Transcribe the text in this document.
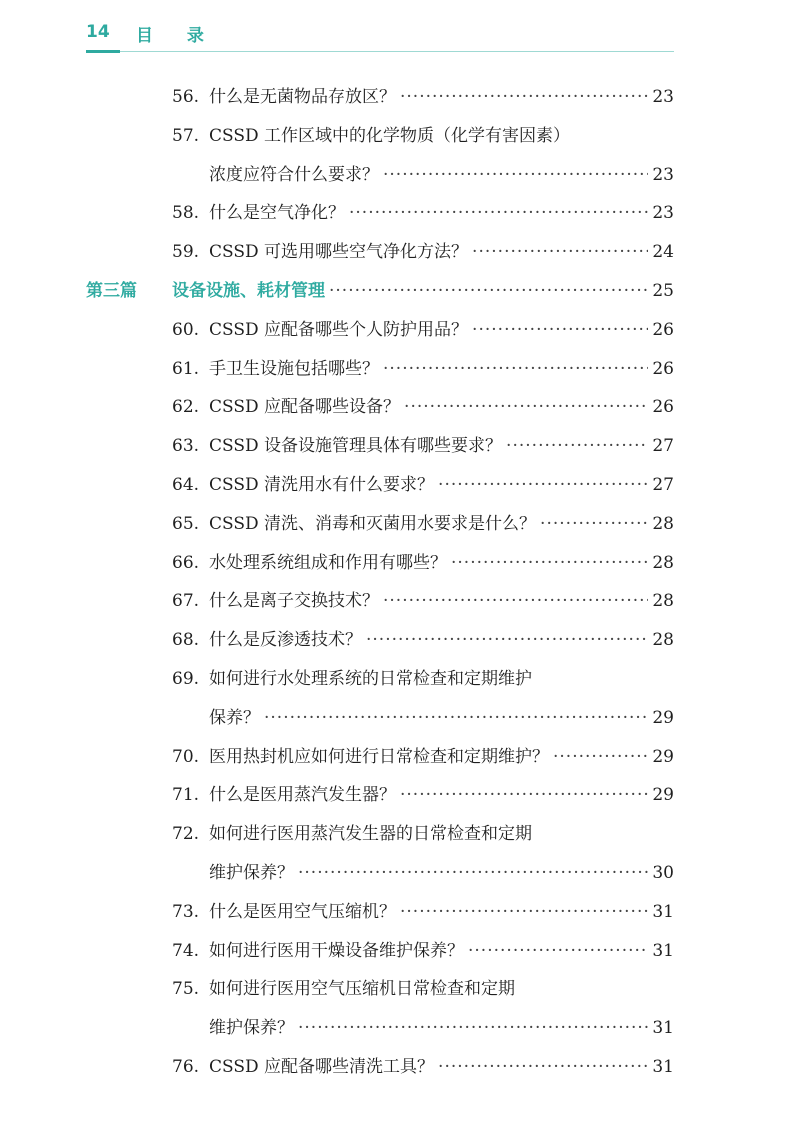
14 目 录
56. 什么是无菌物品存放区？ ·····	23
57. CSSD 工作区域中的化学物质（化学有害因素）
浓度应符合什么要求？ ·····	23
58. 什么是空气净化？ ·····	23
59. CSSD 可选用哪些空气净化方法？ ·····	24
第三篇 设备设施、耗材管理 ·····	25
60. CSSD 应配备哪些个人防护用品？ ·····	26
61. 手卫生设施包括哪些？ ·····	26
62. CSSD 应配备哪些设备？ ·····	26
63. CSSD 设备设施管理具体有哪些要求？ ·····	27
64. CSSD 清洗用水有什么要求？ ·····	27
65. CSSD 清洗、消毒和灭菌用水要求是什么？ ·····	28
66. 水处理系统组成和作用有哪些？ ·····	28
67. 什么是离子交换技术？ ·····	28
68. 什么是反渗透技术？ ·····	28
69. 如何进行水处理系统的日常检查和定期维护
保养？ ·····	29
70. 医用热封机应如何进行日常检查和定期维护？ ·····	29
71. 什么是医用蒸汽发生器？ ·····	29
72. 如何进行医用蒸汽发生器的日常检查和定期
维护保养？ ·····	30
73. 什么是医用空气压缩机？ ·····	31
74. 如何进行医用干燥设备维护保养？ ·····	31
75. 如何进行医用空气压缩机日常检查和定期
维护保养？ ·····	31
76. CSSD 应配备哪些清洗工具？ ·····	31
